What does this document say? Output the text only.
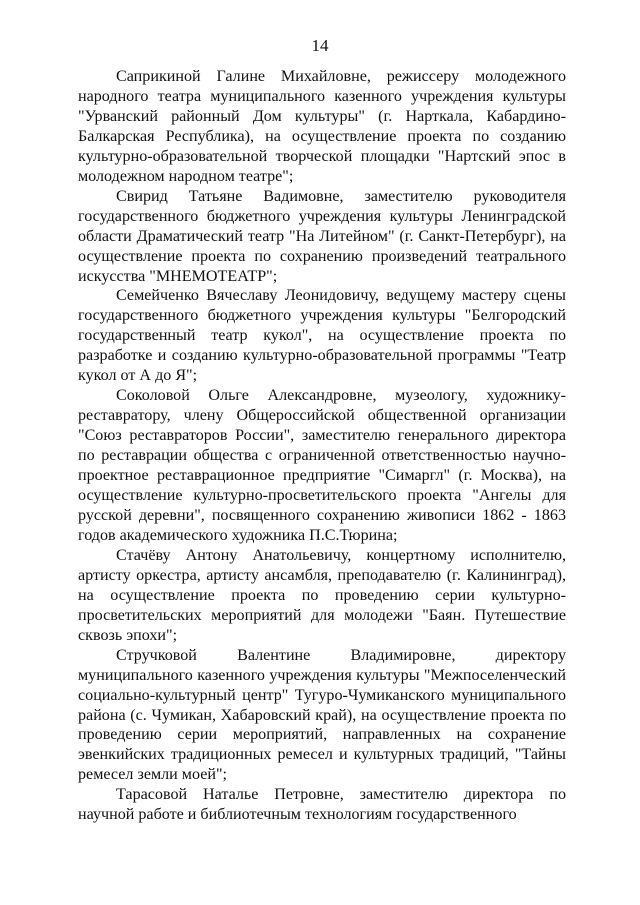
14

Саприкиной Галине Михайловне, режиссеру молодежного народного театра муниципального казенного учреждения культуры "Урванский районный Дом культуры" (г. Нарткала, Кабардино-Балкарская Республика), на осуществление проекта по созданию культурно-образовательной творческой площадки "Нартский эпос в молодежном народном театре";

Свирид Татьяне Вадимовне, заместителю руководителя государственного бюджетного учреждения культуры Ленинградской области Драматический театр "На Литейном" (г. Санкт-Петербург), на осуществление проекта по сохранению произведений театрального искусства "МНЕМОТЕАТР";

Семейченко Вячеславу Леонидовичу, ведущему мастеру сцены государственного бюджетного учреждения культуры "Белгородский государственный театр кукол", на осуществление проекта по разработке и созданию культурно-образовательной программы "Театр кукол от А до Я";

Соколовой Ольге Александровне, музеологу, художнику-реставратору, члену Общероссийской общественной организации "Союз реставраторов России", заместителю генерального директора по реставрации общества с ограниченной ответственностью научно-проектное реставрационное предприятие "Симаргл" (г. Москва), на осуществление культурно-просветительского проекта "Ангелы для русской деревни", посвященного сохранению живописи 1862 - 1863 годов академического художника П.С.Тюрина;

Стачёву Антону Анатольевичу, концертному исполнителю, артисту оркестра, артисту ансамбля, преподавателю (г. Калининград), на осуществление проекта по проведению серии культурно-просветительских мероприятий для молодежи "Баян. Путешествие сквозь эпохи";

Стручковой Валентине Владимировне, директору муниципального казенного учреждения культуры "Межпоселенческий социально-культурный центр" Тугуро-Чумиканского муниципального района (с. Чумикан, Хабаровский край), на осуществление проекта по проведению серии мероприятий, направленных на сохранение эвенкийских традиционных ремесел и культурных традиций, "Тайны ремесел земли моей";

Тарасовой Наталье Петровне, заместителю директора по научной работе и библиотечным технологиям государственного
